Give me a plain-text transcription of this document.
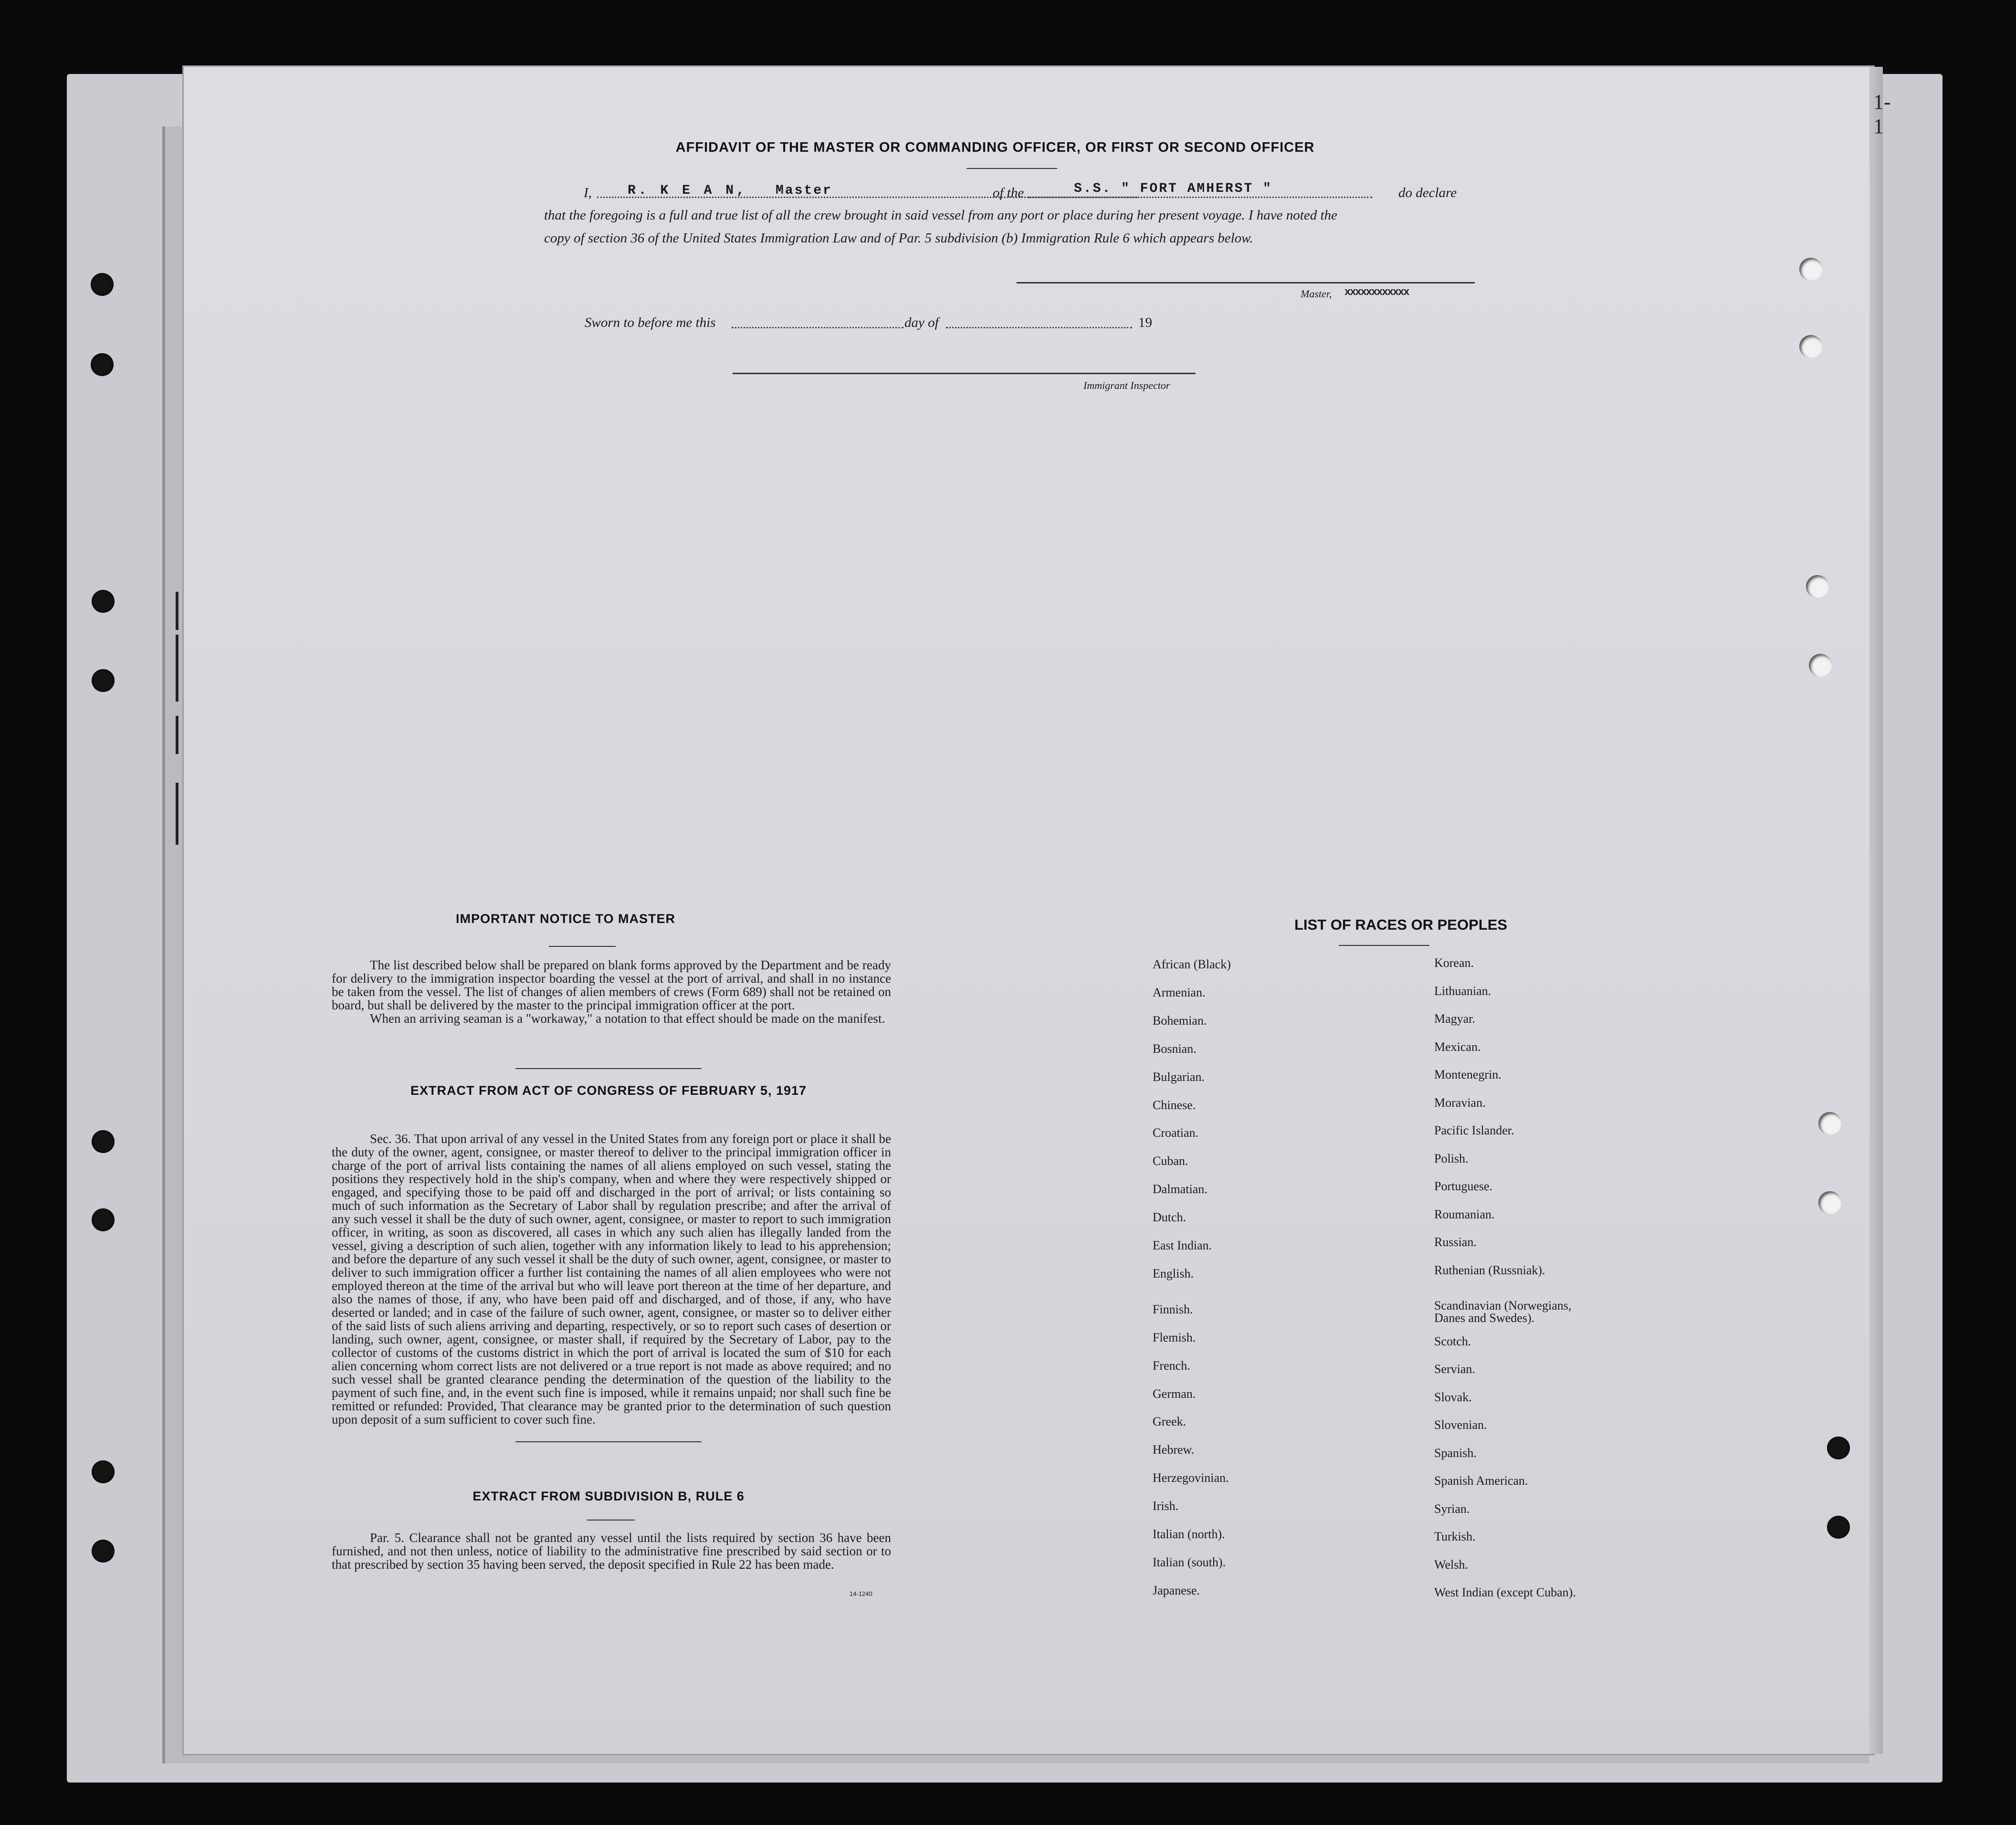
AFFIDAVIT OF THE MASTER OR COMMANDING OFFICER, OR FIRST OR SECOND OFFICER
I,	R. K E A N, Master	of the	S.S. " FORT AMHERST "	do declare
that the foregoing is a full and true list of all the crew brought in said vessel from any port or place during her present voyage. I have noted the
copy of section 36 of the United States Immigration Law and of Par. 5 subdivision (b) Immigration Rule 6 which appears below.
Master, xxxxxxxxxxxx
Sworn to before me this	day of	19
Immigrant Inspector
IMPORTANT NOTICE TO MASTER

The list described below shall be prepared on blank forms approved by the Department and be ready for delivery to the immigration inspector boarding the vessel at the port of arrival, and shall in no instance be taken from the vessel. The list of changes of alien members of crews (Form 689) shall not be retained on board, but shall be delivered by the master to the principal immigration officer at the port.

When an arriving seaman is a "workaway," a notation to that effect should be made on the manifest.

EXTRACT FROM ACT OF CONGRESS OF FEBRUARY 5, 1917

Sec. 36. That upon arrival of any vessel in the United States from any foreign port or place it shall be the duty of the owner, agent, consignee, or master thereof to deliver to the principal immigration officer in charge of the port of arrival lists containing the names of all aliens employed on such vessel, stating the positions they respectively hold in the ship's company, when and where they were respectively shipped or engaged, and specifying those to be paid off and discharged in the port of arrival; or lists containing so much of such information as the Secretary of Labor shall by regulation prescribe; and after the arrival of any such vessel it shall be the duty of such owner, agent, consignee, or master to report to such immigration officer, in writing, as soon as discovered, all cases in which any such alien has illegally landed from the vessel, giving a description of such alien, together with any information likely to lead to his apprehension; and before the departure of any such vessel it shall be the duty of such owner, agent, consignee, or master to deliver to such immigration officer a further list containing the names of all alien employees who were not employed thereon at the time of the arrival but who will leave port thereon at the time of her departure, and also the names of those, if any, who have been paid off and discharged, and of those, if any, who have deserted or landed; and in case of the failure of such owner, agent, consignee, or master so to deliver either of the said lists of such aliens arriving and departing, respectively, or so to report such cases of desertion or landing, such owner, agent, consignee, or master shall, if required by the Secretary of Labor, pay to the collector of customs of the customs district in which the port of arrival is located the sum of $10 for each alien concerning whom correct lists are not delivered or a true report is not made as above required; and no such vessel shall be granted clearance pending the determination of the question of the liability to the payment of such fine, and, in the event such fine is imposed, while it remains unpaid; nor shall such fine be remitted or refunded: Provided, That clearance may be granted prior to the determination of such question upon deposit of a sum sufficient to cover such fine.

EXTRACT FROM SUBDIVISION B, RULE 6

Par. 5. Clearance shall not be granted any vessel until the lists required by section 36 have been furnished, and not then unless, notice of liability to the administrative fine prescribed by said section or to that prescribed by section 35 having been served, the deposit specified in Rule 22 has been made.

14-1240
LIST OF RACES OR PEOPLES
African (Black)
Armenian.
Bohemian.
Bosnian.
Bulgarian.
Chinese.
Croatian.
Cuban.
Dalmatian.
Dutch.
East Indian.
English.
Finnish.
Flemish.
French.
German.
Greek.
Hebrew.
Herzegovinian.
Irish.
Italian (north).
Italian (south).
Japanese.
Korean.
Lithuanian.
Magyar.
Mexican.
Montenegrin.
Moravian.
Pacific Islander.
Polish.
Portuguese.
Roumanian.
Russian.
Ruthenian (Russniak).
Scandinavian (Norwegians,
Danes and Swedes).
Scotch.
Servian.
Slovak.
Slovenian.
Spanish.
Spanish American.
Syrian.
Turkish.
Welsh.
West Indian (except Cuban).
1-1
